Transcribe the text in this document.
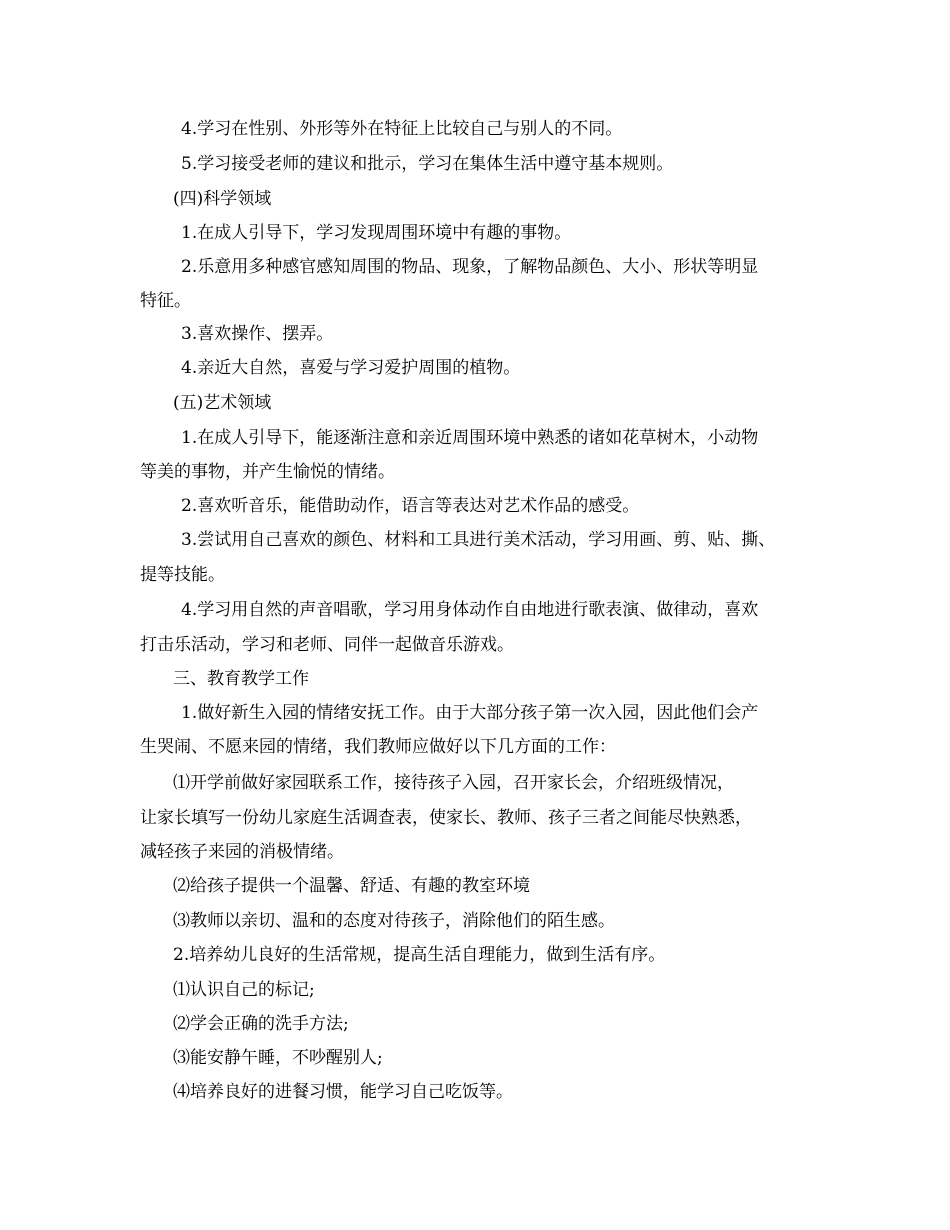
4.学习在性别、外形等外在特征上比较自己与别人的不同。
5.学习接受老师的建议和批示，学习在集体生活中遵守基本规则。
(四)科学领域
1.在成人引导下，学习发现周围环境中有趣的事物。
2.乐意用多种感官感知周围的物品、现象，了解物品颜色、大小、形状等明显
特征。
3.喜欢操作、摆弄。
4.亲近大自然，喜爱与学习爱护周围的植物。
(五)艺术领域
1.在成人引导下，能逐渐注意和亲近周围环境中熟悉的诸如花草树木，小动物
等美的事物，并产生愉悦的情绪。
2.喜欢听音乐，能借助动作，语言等表达对艺术作品的感受。
3.尝试用自己喜欢的颜色、材料和工具进行美术活动，学习用画、剪、贴、撕、
提等技能。
4.学习用自然的声音唱歌，学习用身体动作自由地进行歌表演、做律动，喜欢
打击乐活动，学习和老师、同伴一起做音乐游戏。
三、教育教学工作
1.做好新生入园的情绪安抚工作。由于大部分孩子第一次入园，因此他们会产
生哭闹、不愿来园的情绪，我们教师应做好以下几方面的工作：
⑴开学前做好家园联系工作，接待孩子入园，召开家长会，介绍班级情况，
让家长填写一份幼儿家庭生活调查表，使家长、教师、孩子三者之间能尽快熟悉，
减轻孩子来园的消极情绪。
⑵给孩子提供一个温馨、舒适、有趣的教室环境
⑶教师以亲切、温和的态度对待孩子，消除他们的陌生感。
2.培养幼儿良好的生活常规，提高生活自理能力，做到生活有序。
⑴认识自己的标记;
⑵学会正确的洗手方法;
⑶能安静午睡，不吵醒别人;
⑷培养良好的进餐习惯，能学习自己吃饭等。
